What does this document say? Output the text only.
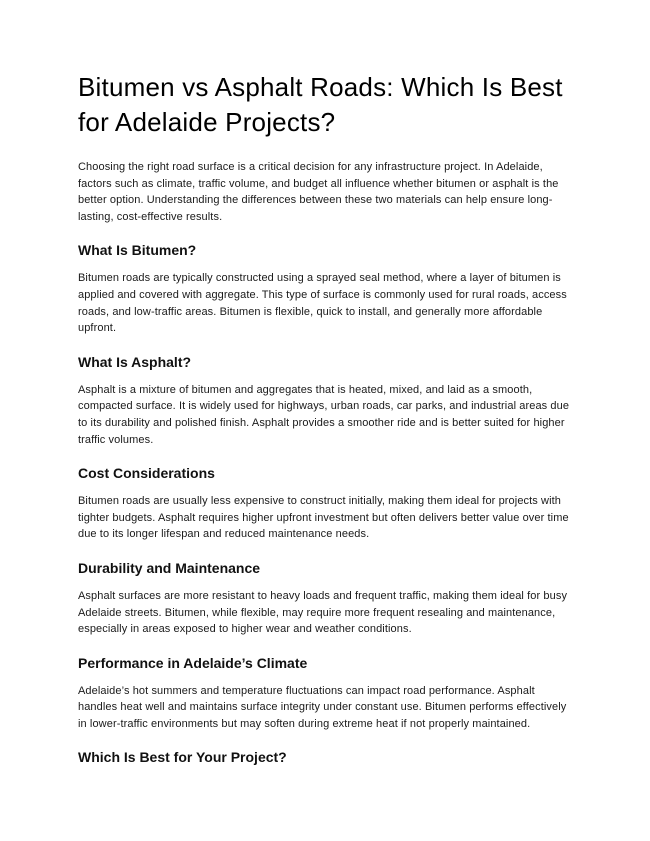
Bitumen vs Asphalt Roads: Which Is Best for Adelaide Projects?

Choosing the right road surface is a critical decision for any infrastructure project. In Adelaide, factors such as climate, traffic volume, and budget all influence whether bitumen or asphalt is the better option. Understanding the differences between these two materials can help ensure long-lasting, cost-effective results.

What Is Bitumen?

Bitumen roads are typically constructed using a sprayed seal method, where a layer of bitumen is applied and covered with aggregate. This type of surface is commonly used for rural roads, access roads, and low-traffic areas. Bitumen is flexible, quick to install, and generally more affordable upfront.

What Is Asphalt?

Asphalt is a mixture of bitumen and aggregates that is heated, mixed, and laid as a smooth, compacted surface. It is widely used for highways, urban roads, car parks, and industrial areas due to its durability and polished finish. Asphalt provides a smoother ride and is better suited for higher traffic volumes.

Cost Considerations

Bitumen roads are usually less expensive to construct initially, making them ideal for projects with tighter budgets. Asphalt requires higher upfront investment but often delivers better value over time due to its longer lifespan and reduced maintenance needs.

Durability and Maintenance

Asphalt surfaces are more resistant to heavy loads and frequent traffic, making them ideal for busy Adelaide streets. Bitumen, while flexible, may require more frequent resealing and maintenance, especially in areas exposed to higher wear and weather conditions.

Performance in Adelaide’s Climate

Adelaide’s hot summers and temperature fluctuations can impact road performance. Asphalt handles heat well and maintains surface integrity under constant use. Bitumen performs effectively in lower-traffic environments but may soften during extreme heat if not properly maintained.

Which Is Best for Your Project?
